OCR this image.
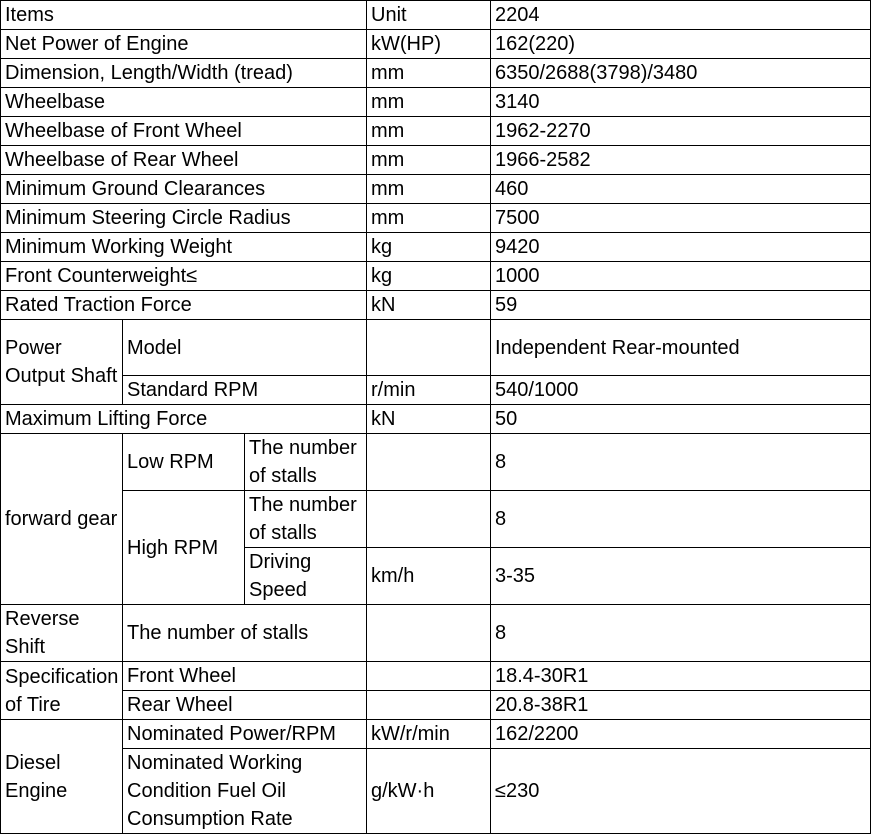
Items			Unit	2204
Net Power of Engine			kW(HP)	162(220)
Dimension, Length/Width (tread)			mm	6350/2688(3798)/3480
Wheelbase			mm	3140
Wheelbase of Front Wheel			mm	1962-2270
Wheelbase of Rear Wheel			mm	1966-2582
Minimum Ground Clearances			mm	460
Minimum Steering Circle Radius			mm	7500
Minimum Working Weight			kg	9420
Front Counterweight≤			kg	1000
Rated Traction Force			kN	59
Power Output Shaft	Model			Independent Rear-mounted
	Standard RPM		r/min	540/1000
Maximum Lifting Force			kN	50
forward gear	Low RPM	The number of stalls		8
	High RPM	The number of stalls		8
		Driving Speed	km/h	3-35
Reverse Shift	The number of stalls			8
Specification of Tire	Front Wheel			18.4-30R1
	Rear Wheel			20.8-38R1
Diesel Engine	Nominated Power/RPM		kW/r/min	162/2200
	Nominated Working Condition Fuel Oil Consumption Rate		g/kW·h	≤230
